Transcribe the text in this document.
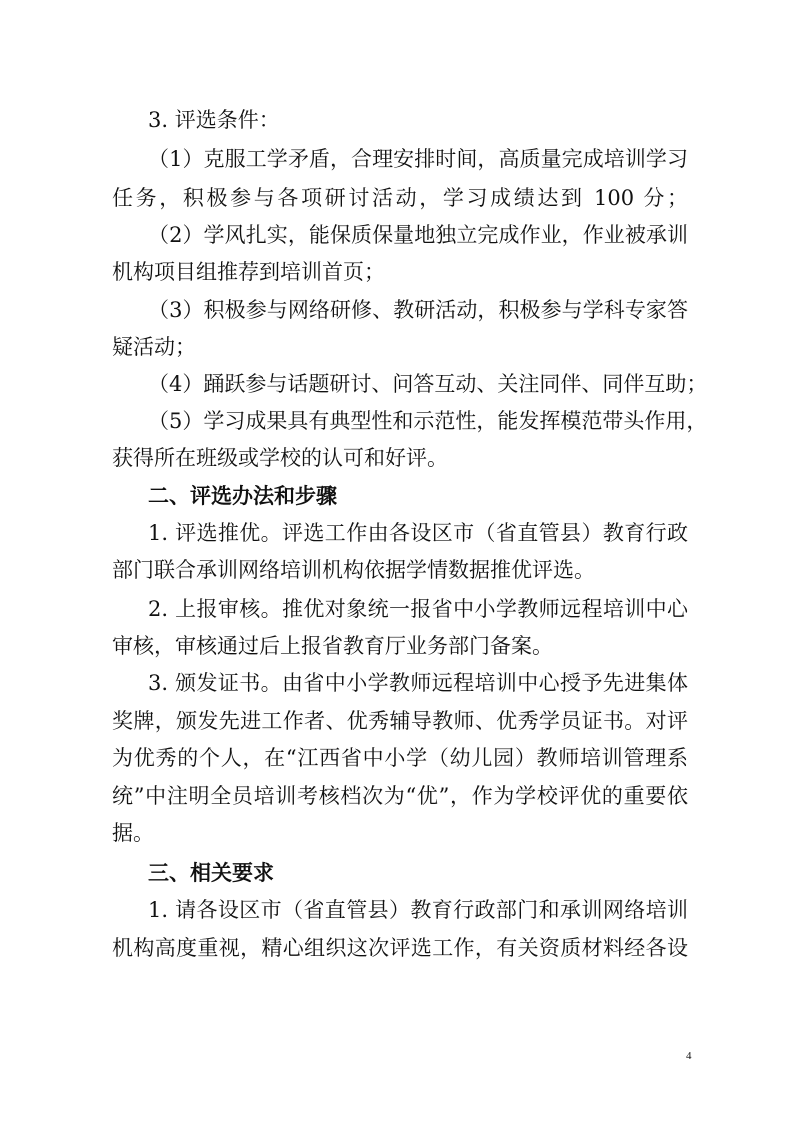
3. 评选条件：
（1）克服工学矛盾，合理安排时间，高质量完成培训学习
任务，积极参与各项研讨活动，学习成绩达到 100 分；
（2）学风扎实，能保质保量地独立完成作业，作业被承训
机构项目组推荐到培训首页；
（3）积极参与网络研修、教研活动，积极参与学科专家答
疑活动；
（4）踊跃参与话题研讨、问答互动、关注同伴、同伴互助；
（5）学习成果具有典型性和示范性，能发挥模范带头作用，
获得所在班级或学校的认可和好评。
二、评选办法和步骤
1. 评选推优。评选工作由各设区市（省直管县）教育行政
部门联合承训网络培训机构依据学情数据推优评选。
2. 上报审核。推优对象统一报省中小学教师远程培训中心
审核，审核通过后上报省教育厅业务部门备案。
3. 颁发证书。由省中小学教师远程培训中心授予先进集体
奖牌，颁发先进工作者、优秀辅导教师、优秀学员证书。对评
为优秀的个人，在“江西省中小学（幼儿园）教师培训管理系
统”中注明全员培训考核档次为“优”，作为学校评优的重要依
据。
三、相关要求
1. 请各设区市（省直管县）教育行政部门和承训网络培训
机构高度重视，精心组织这次评选工作，有关资质材料经各设
4
